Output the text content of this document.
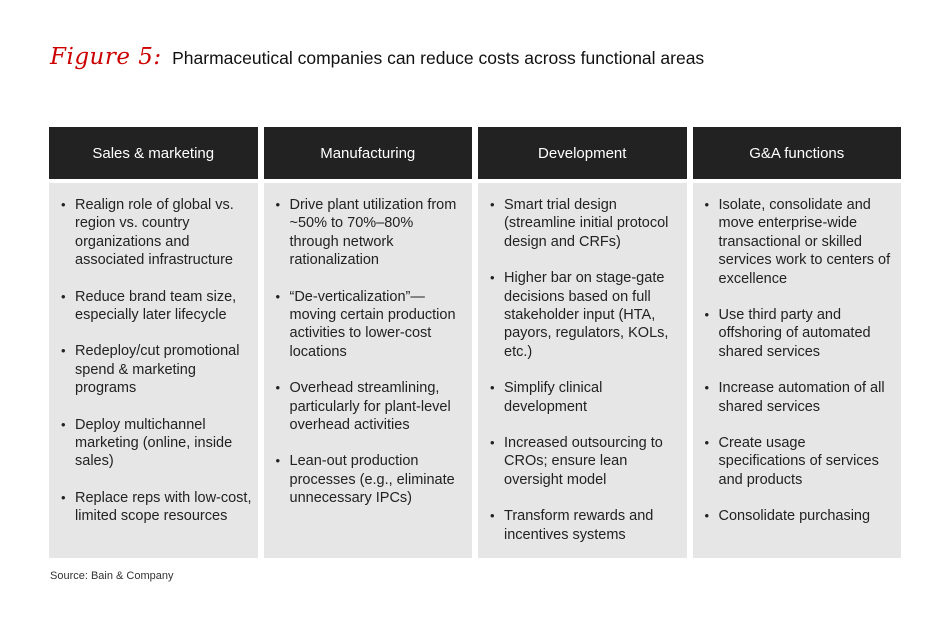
Figure 5: Pharmaceutical companies can reduce costs across functional areas
Sales & marketing
• Realign role of global vs. region vs. country organizations and associated infrastructure
• Reduce brand team size, especially later lifecycle
• Redeploy/cut promotional spend & marketing programs
• Deploy multichannel marketing (online, inside sales)
• Replace reps with low-cost, limited scope resources
Manufacturing
• Drive plant utilization from ~50% to 70%–80% through network rationalization
• “De-verticalization”— moving certain production activities to lower-cost locations
• Overhead streamlining, particularly for plant-level overhead activities
• Lean-out production processes (e.g., eliminate unnecessary IPCs)
Development
• Smart trial design (streamline initial protocol design and CRFs)
• Higher bar on stage-gate decisions based on full stakeholder input (HTA, payors, regulators, KOLs, etc.)
• Simplify clinical development
• Increased outsourcing to CROs; ensure lean oversight model
• Transform rewards and incentives systems
G&A functions
• Isolate, consolidate and move enterprise-wide transactional or skilled services work to centers of excellence
• Use third party and offshoring of automated shared services
• Increase automation of all shared services
• Create usage specifications of services and products
• Consolidate purchasing
Source: Bain & Company
